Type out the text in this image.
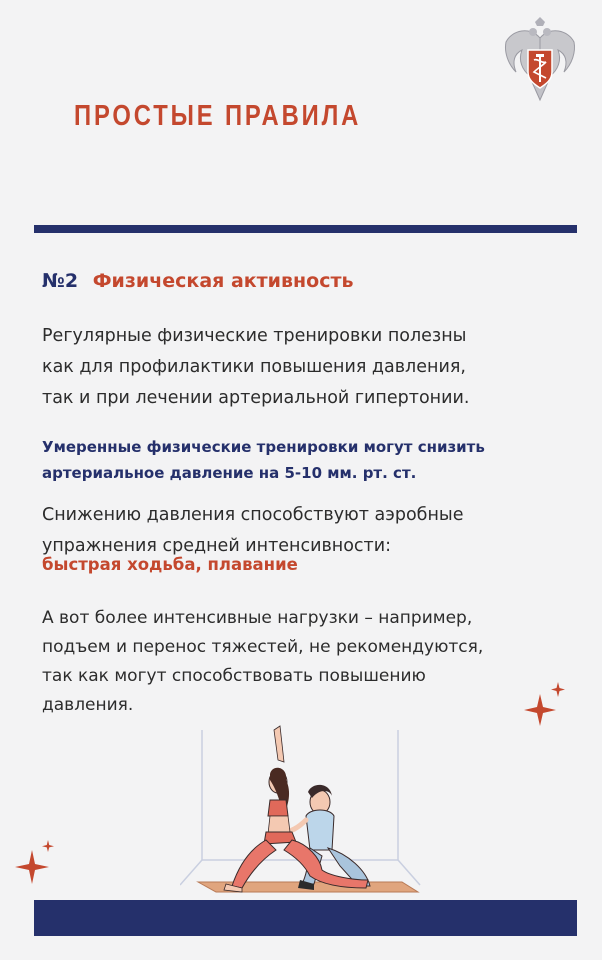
ПРОСТЫЕ ПРАВИЛА
№2 Физическая активность
Регулярные физические тренировки полезны
как для профилактики повышения давления,
так и при лечении артериальной гипертонии.
Умеренные физические тренировки могут снизить
артериальное давление на 5-10 мм. рт. ст.
Снижению давления способствуют аэробные
упражнения средней интенсивности:
быстрая ходьба, плавание
А вот более интенсивные нагрузки – например,
подъем и перенос тяжестей, не рекомендуются,
так как могут способствовать повышению
давления.
